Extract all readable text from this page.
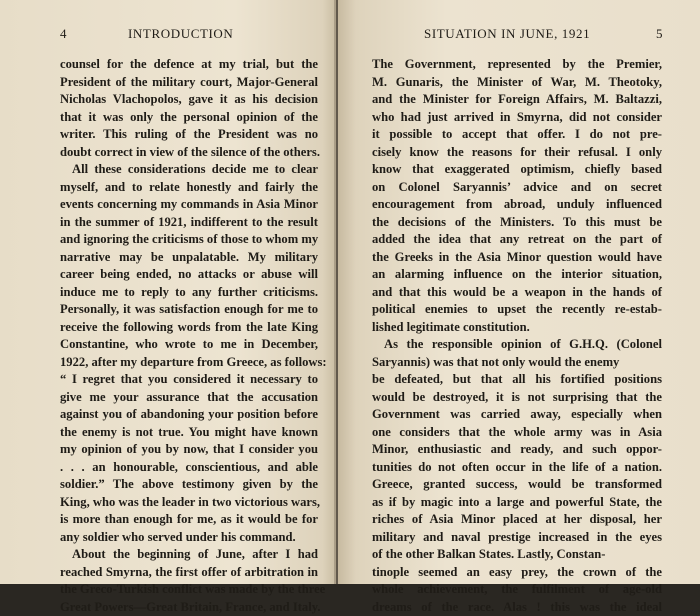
4	INTRODUCTION
counsel for the defence at my trial, but the
President of the military court, Major-General
Nicholas Vlachopolos, gave it as his decision
that it was only the personal opinion of the
writer. This ruling of the President was no
doubt correct in view of the silence of the others.
All these considerations decide me to clear
myself, and to relate honestly and fairly the
events concerning my commands in Asia Minor
in the summer of 1921, indifferent to the result
and ignoring the criticisms of those to whom my
narrative may be unpalatable. My military
career being ended, no attacks or abuse will
induce me to reply to any further criticisms.
Personally, it was satisfaction enough for me to
receive the following words from the late King
Constantine, who wrote to me in December,
1922, after my departure from Greece, as follows:
“ I regret that you considered it necessary to
give me your assurance that the accusation
against you of abandoning your position before
the enemy is not true. You might have known
my opinion of you by now, that I consider you
. . . an honourable, conscientious, and able
soldier.” The above testimony given by the
King, who was the leader in two victorious wars,
is more than enough for me, as it would be for
any soldier who served under his command.
About the beginning of June, after I had
reached Smyrna, the first offer of arbitration in
the Greco-Turkish conflict was made by the three
Great Powers—Great Britain, France, and Italy.
SITUATION IN JUNE, 1921	5
The Government, represented by the Premier,
M. Gunaris, the Minister of War, M. Theotoky,
and the Minister for Foreign Affairs, M. Baltazzi,
who had just arrived in Smyrna, did not consider
it possible to accept that offer. I do not pre-
cisely know the reasons for their refusal. I only
know that exaggerated optimism, chiefly based
on Colonel Saryannis’ advice and on secret
encouragement from abroad, unduly influenced
the decisions of the Ministers. To this must be
added the idea that any retreat on the part of
the Greeks in the Asia Minor question would have
an alarming influence on the interior situation,
and that this would be a weapon in the hands of
political enemies to upset the recently re-estab-
lished legitimate constitution.
As the responsible opinion of G.H.Q. (Colonel
Saryannis) was that not only would the enemy
be defeated, but that all his fortified positions
would be destroyed, it is not surprising that the
Government was carried away, especially when
one considers that the whole army was in Asia
Minor, enthusiastic and ready, and such oppor-
tunities do not often occur in the life of a nation.
Greece, granted success, would be transformed
as if by magic into a large and powerful State, the
riches of Asia Minor placed at her disposal, her
military and naval prestige increased in the eyes
of the other Balkan States. Lastly, Constan-
tinople seemed an easy prey, the crown of the
whole achievement, the fulfilment of age-old
dreams of the race. Alas ! this was the ideal
